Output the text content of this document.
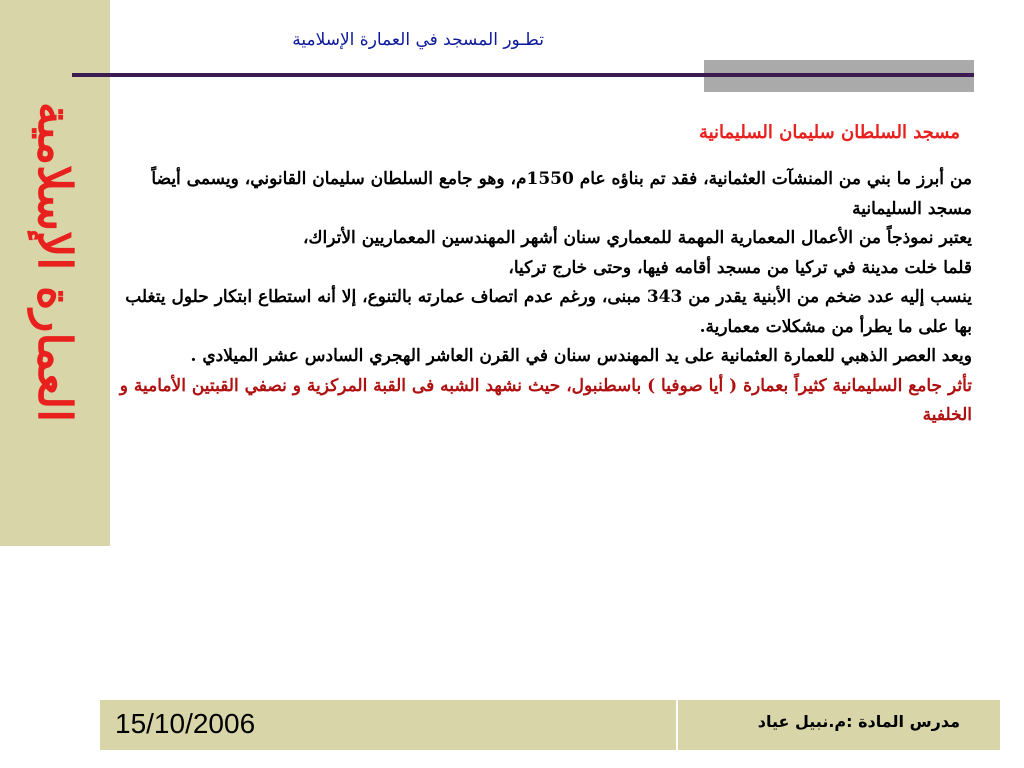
العمارة الإسلامية
تطـور المسجد في العمارة الإسلامية
مسجد السلطان سليمان السليمانية

من أبرز ما بني من المنشآت العثمانية، فقد تم بناؤه عام 1550م، وهو جامع السلطان سليمان القانوني، ويسمى أيضاً مسجد السليمانية

يعتبر نموذجاً من الأعمال المعمارية المهمة للمعماري سنان أشهر المهندسين المعماريين الأتراك،

قلما خلت مدينة في تركيا من مسجد أقامه فيها، وحتى خارج تركيا،

ينسب إليه عدد ضخم من الأبنية يقدر من 343 مبنى، ورغم عدم اتصاف عمارته بالتنوع، إلا أنه استطاع ابتكار حلول يتغلب بها على ما يطرأ من مشكلات معمارية.

ويعد العصر الذهبي للعمارة العثمانية على يد المهندس سنان في القرن العاشر الهجري السادس عشر الميلادي .

تأثر جامع السليمانية كثيراً بعمارة ( أيا صوفيا ) باسطنبول، حيث نشهد الشبه فى القبة المركزية و نصفي القبتين الأمامية و الخلفية

15/10/2006	مدرس المادة :م.نبيل عياد
